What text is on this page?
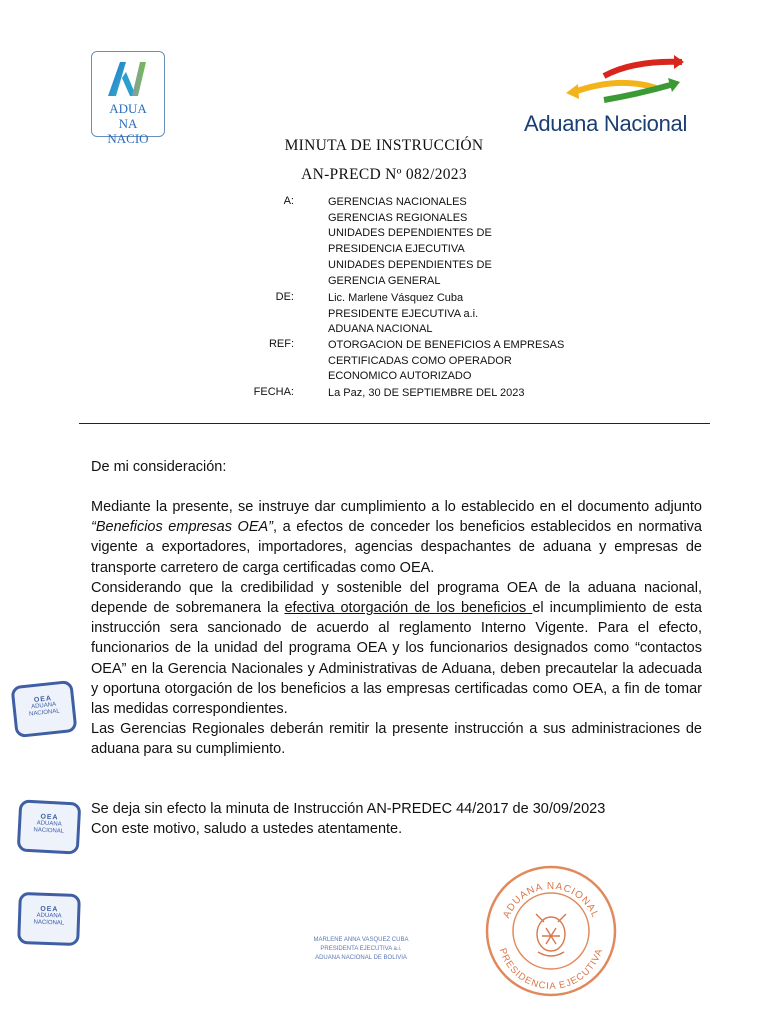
ADUA
NA
NACIO
Aduana Nacional
MINUTA DE INSTRUCCIÓN
AN-PRECD Nº 082/2023
A:	GERENCIAS NACIONALES
GERENCIAS REGIONALES
UNIDADES DEPENDIENTES DE
PRESIDENCIA EJECUTIVA
UNIDADES DEPENDIENTES DE
GERENCIA GENERAL
DE:	Lic. Marlene Vásquez Cuba
PRESIDENTE EJECUTIVA a.i.
ADUANA NACIONAL
REF:	OTORGACION DE BENEFICIOS A EMPRESAS
CERTIFICADAS COMO OPERADOR
ECONOMICO AUTORIZADO
FECHA:	La Paz, 30 DE SEPTIEMBRE DEL 2023
De mi consideración:

Mediante la presente, se instruye dar cumplimiento a lo establecido en el documento adjunto “Beneficios empresas OEA”, a efectos de conceder los beneficios establecidos en normativa vigente a exportadores, importadores, agencias despachantes de aduana y empresas de transporte carretero de carga certificadas como OEA.

Considerando que la credibilidad y sostenible del programa OEA de la aduana nacional, depende de sobremanera la efectiva otorgación de los beneficios el incumplimiento de esta instrucción sera sancionado de acuerdo al reglamento Interno Vigente. Para el efecto, funcionarios de la unidad del programa OEA y los funcionarios designados como “contactos OEA” en la Gerencia Nacionales y Administrativas de Aduana, deben precautelar la adecuada y oportuna otorgación de los beneficios a las empresas certificadas como OEA, a fin de tomar las medidas correspondientes.

Las Gerencias Regionales deberán remitir la presente instrucción a sus administraciones de aduana para su cumplimiento.

Se deja sin efecto la minuta de Instrucción AN-PREDEC 44/2017 de 30/09/2023
Con este motivo, saludo a ustedes atentamente.
OEA
ADUANA
NACIONAL
OEA
ADUANA
NACIONAL
OEA
ADUANA
NACIONAL
MARLENE ANNA VASQUEZ CUBA
PRESIDENTA EJECUTIVA a.i.
ADUANA NACIONAL DE BOLIVIA
ADUANA NACIONAL
PRESIDENCIA EJECUTIVA
